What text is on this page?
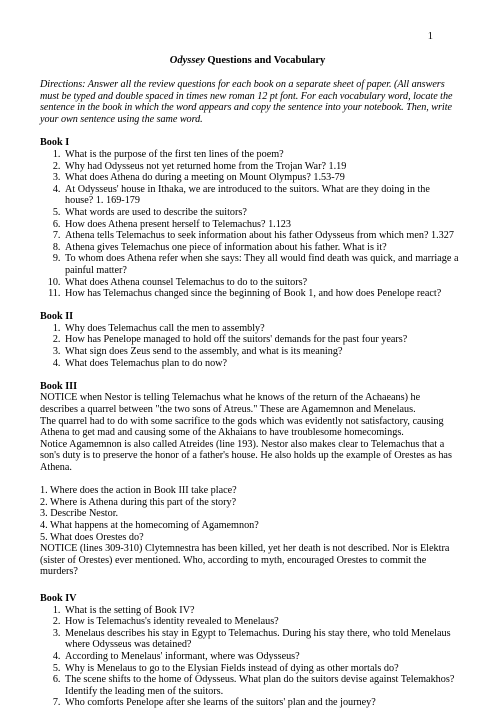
1
Odyssey Questions and Vocabulary

Directions: Answer all the review questions for each book on a separate sheet of paper. (All answers must be typed and double spaced in times new roman 12 pt font. For each vocabulary word, locate the sentence in the book in which the word appears and copy the sentence into your notebook. Then, write your own sentence using the same word.

Book I
1. What is the purpose of the first ten lines of the poem?
2. Why had Odysseus not yet returned home from the Trojan War? 1.19
3. What does Athena do during a meeting on Mount Olympus? 1.53-79
4. At Odysseus' house in Ithaka, we are introduced to the suitors. What are they doing in the house? 1. 169-179
5. What words are used to describe the suitors?
6. How does Athena present herself to Telemachus? 1.123
7. Athena tells Telemachus to seek information about his father Odysseus from which men? 1.327
8. Athena gives Telemachus one piece of information about his father. What is it?
9. To whom does Athena refer when she says: They all would find death was quick, and marriage a painful matter?
10. What does Athena counsel Telemachus to do to the suitors?
11. How has Telemachus changed since the beginning of Book 1, and how does Penelope react?
Book II
1. Why does Telemachus call the men to assembly?
2. How has Penelope managed to hold off the suitors' demands for the past four years?
3. What sign does Zeus send to the assembly, and what is its meaning?
4. What does Telemachus plan to do now?
Book III

NOTICE when Nestor is telling Telemachus what he knows of the return of the Achaeans) he describes a quarrel between "the two sons of Atreus." These are Agamemnon and Menelaus.

The quarrel had to do with some sacrifice to the gods which was evidently not satisfactory, causing Athena to get mad and causing some of the Akhaians to have troublesome homecomings.

Notice Agamemnon is also called Atreides (line 193). Nestor also makes clear to Telemachus that a son's duty is to preserve the honor of a father's house. He also holds up the example of Orestes as has Athena.

1. Where does the action in Book III take place?
2. Where is Athena during this part of the story?
3. Describe Nestor.
4. What happens at the homecoming of Agamemnon?
5. What does Orestes do?

NOTICE (lines 309-310) Clytemnestra has been killed, yet her death is not described. Nor is Elektra (sister of Orestes) ever mentioned. Who, according to myth, encouraged Orestes to commit the murders?

Book IV
1. What is the setting of Book IV?
2. How is Telemachus's identity revealed to Menelaus?
3. Menelaus describes his stay in Egypt to Telemachus. During his stay there, who told Menelaus where Odysseus was detained?
4. According to Menelaus' informant, where was Odysseus?
5. Why is Menelaus to go to the Elysian Fields instead of dying as other mortals do?
6. The scene shifts to the home of Odysseus. What plan do the suitors devise against Telemakhos? Identify the leading men of the suitors.
7. Who comforts Penelope after she learns of the suitors' plan and the journey?
